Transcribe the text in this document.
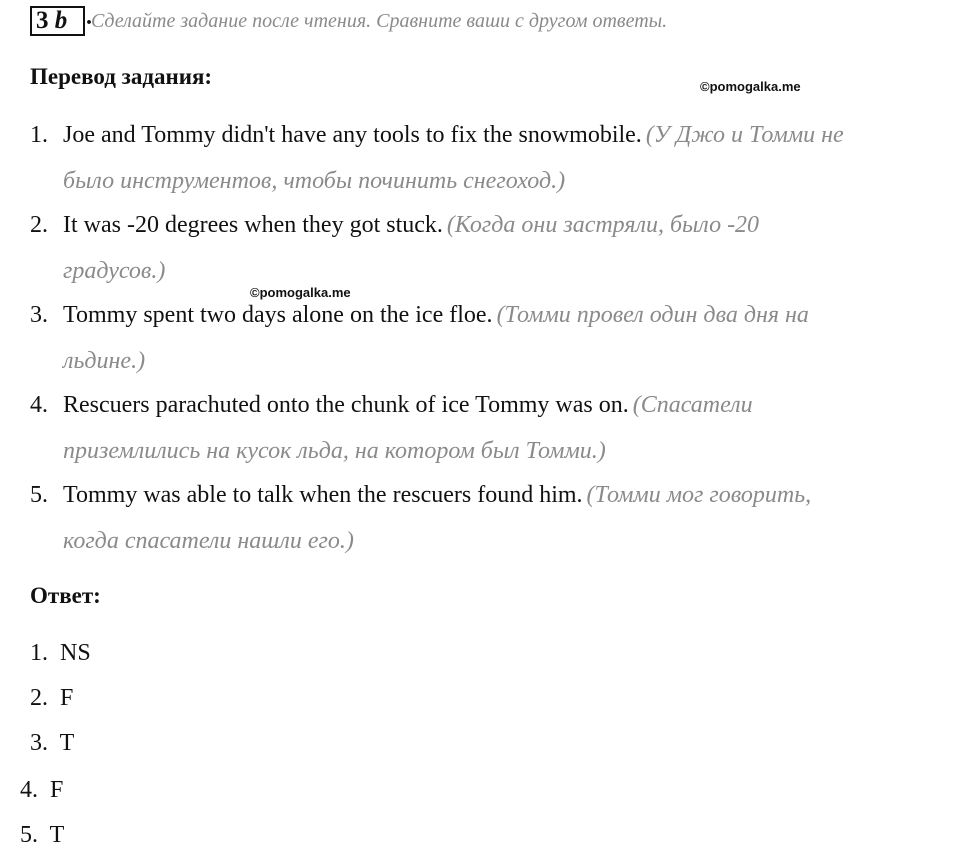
3 b . Сделайте задание после чтения. Сравните ваши с другом ответы.
Перевод задания:	©pomogalka.me
©pomogalka.me
1. Joe and Tommy didn't have any tools to fix the snowmobile. (У Джо и Томми не
было инструментов, чтобы починить снегоход.)
2. It was -20 degrees when they got stuck. (Когда они застряли, было -20
градусов.)
3. Tommy spent two days alone on the ice floe. (Томми провел один два дня на
льдине.)
4. Rescuers parachuted onto the chunk of ice Tommy was on. (Спасатели
приземлились на кусок льда, на котором был Томми.)
5. Tommy was able to talk when the rescuers found him. (Томми мог говорить,
когда спасатели нашли его.)
Ответ:
1. NS
2. F
3. T
4. F
5. T
